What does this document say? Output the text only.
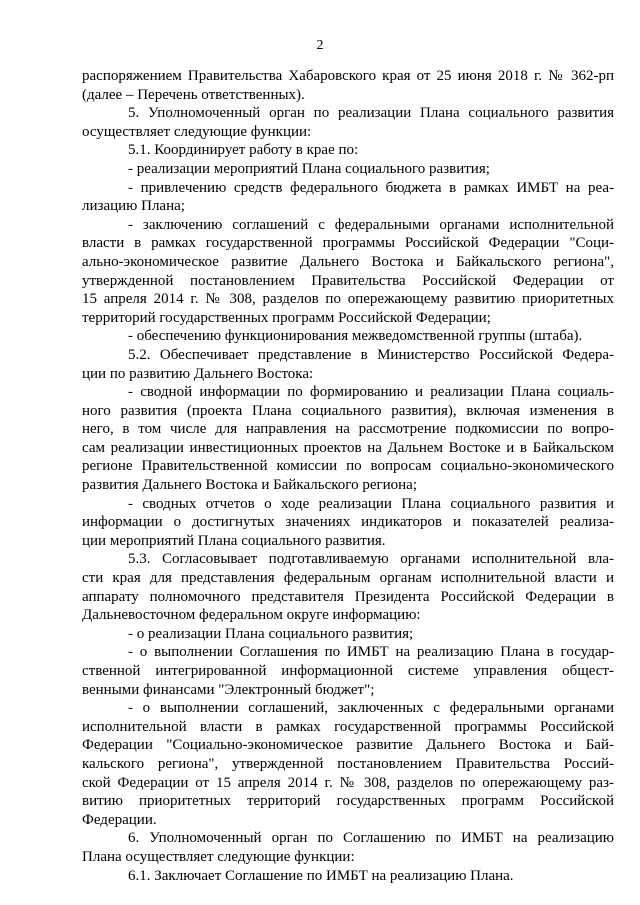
2
распоряжением Правительства Хабаровского края от 25 июня 2018 г. № 362-рп
(далее – Перечень ответственных).
5. Уполномоченный орган по реализации Плана социального развития
осуществляет следующие функции:
5.1. Координирует работу в крае по:
- реализации мероприятий Плана социального развития;
- привлечению средств федерального бюджета в рамках ИМБТ на реа-
лизацию Плана;
- заключению соглашений с федеральными органами исполнительной
власти в рамках государственной программы Российской Федерации "Соци-
ально-экономическое развитие Дальнего Востока и Байкальского региона",
утвержденной постановлением Правительства Российской Федерации от
15 апреля 2014 г. № 308, разделов по опережающему развитию приоритетных
территорий государственных программ Российской Федерации;
- обеспечению функционирования межведомственной группы (штаба).
5.2. Обеспечивает представление в Министерство Российской Федера-
ции по развитию Дальнего Востока:
- сводной информации по формированию и реализации Плана социаль-
ного развития (проекта Плана социального развития), включая изменения в
него, в том числе для направления на рассмотрение подкомиссии по вопро-
сам реализации инвестиционных проектов на Дальнем Востоке и в Байкальском
регионе Правительственной комиссии по вопросам социально-экономического
развития Дальнего Востока и Байкальского региона;
- сводных отчетов о ходе реализации Плана социального развития и
информации о достигнутых значениях индикаторов и показателей реализа-
ции мероприятий Плана социального развития.
5.3. Согласовывает подготавливаемую органами исполнительной вла-
сти края для представления федеральным органам исполнительной власти и
аппарату полномочного представителя Президента Российской Федерации в
Дальневосточном федеральном округе информацию:
- о реализации Плана социального развития;
- о выполнении Соглашения по ИМБТ на реализацию Плана в государ-
ственной интегрированной информационной системе управления общест-
венными финансами "Электронный бюджет";
- о выполнении соглашений, заключенных с федеральными органами
исполнительной власти в рамках государственной программы Российской
Федерации "Социально-экономическое развитие Дальнего Востока и Бай-
кальского региона", утвержденной постановлением Правительства Россий-
ской Федерации от 15 апреля 2014 г. № 308, разделов по опережающему раз-
витию приоритетных территорий государственных программ Российской
Федерации.
6. Уполномоченный орган по Соглашению по ИМБТ на реализацию
Плана осуществляет следующие функции:
6.1. Заключает Соглашение по ИМБТ на реализацию Плана.
